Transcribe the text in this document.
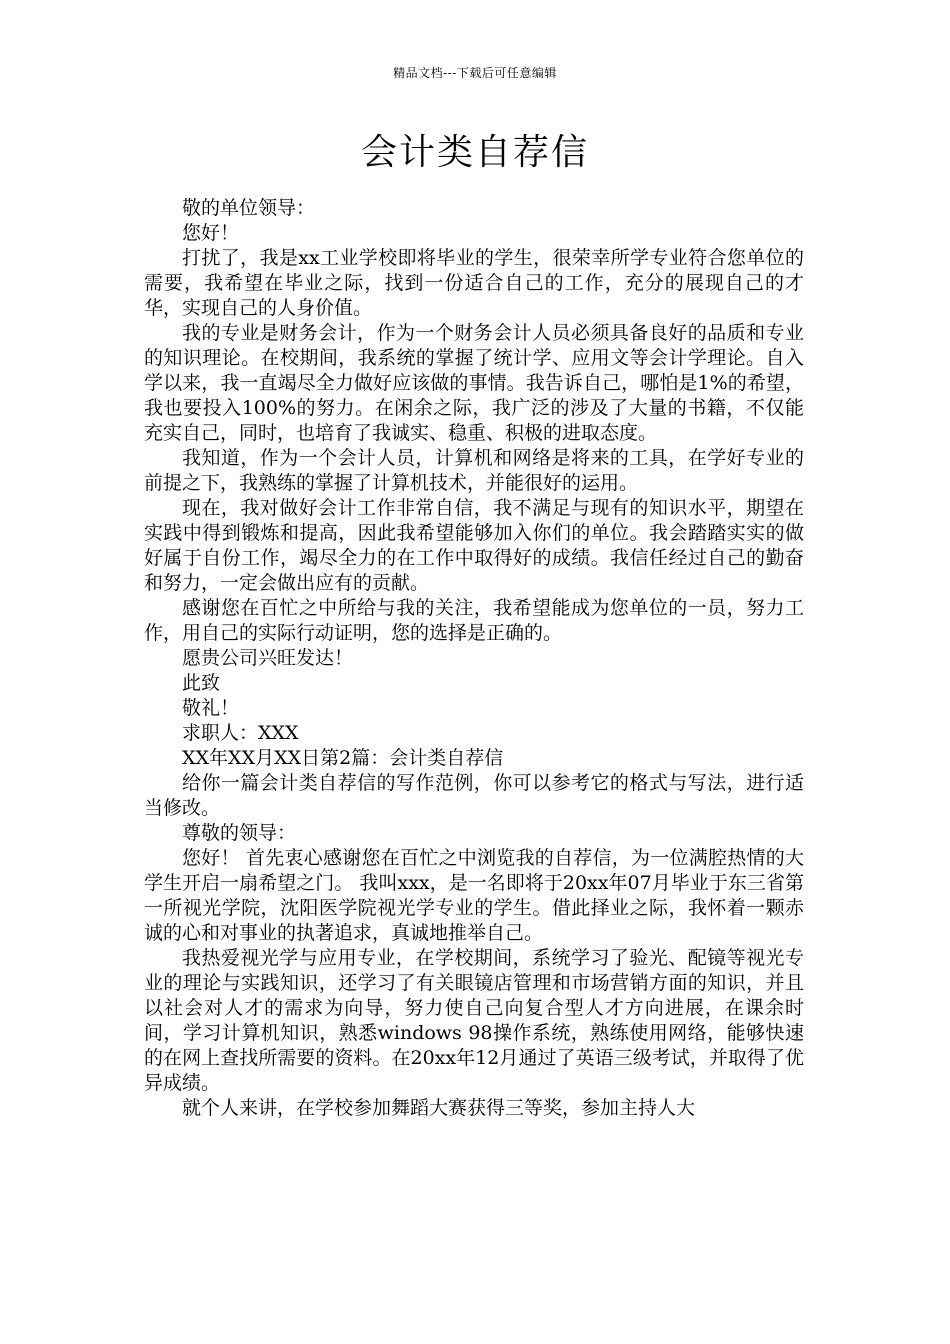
精品文档---下载后可任意编辑
会计类自荐信

敬的单位领导：

您好！

打扰了，我是xx工业学校即将毕业的学生，很荣幸所学专业符合您单位的需要，我希望在毕业之际，找到一份适合自己的工作，充分的展现自己的才华，实现自己的人身价值。

我的专业是财务会计，作为一个财务会计人员必须具备良好的品质和专业的知识理论。在校期间，我系统的掌握了统计学、应用文等会计学理论。自入学以来，我一直竭尽全力做好应该做的事情。我告诉自己，哪怕是1%的希望，我也要投入100%的努力。在闲余之际，我广泛的涉及了大量的书籍，不仅能充实自己，同时，也培育了我诚实、稳重、积极的进取态度。

我知道，作为一个会计人员，计算机和网络是将来的工具，在学好专业的前提之下，我熟练的掌握了计算机技术，并能很好的运用。

现在，我对做好会计工作非常自信，我不满足与现有的知识水平，期望在实践中得到锻炼和提高，因此我希望能够加入你们的单位。我会踏踏实实的做好属于自份工作，竭尽全力的在工作中取得好的成绩。我信任经过自己的勤奋和努力，一定会做出应有的贡献。

感谢您在百忙之中所给与我的关注，我希望能成为您单位的一员，努力工作，用自己的实际行动证明，您的选择是正确的。

愿贵公司兴旺发达！

此致

敬礼！

求职人：XXX

XX年XX月XX日第2篇：会计类自荐信

给你一篇会计类自荐信的写作范例，你可以参考它的格式与写法，进行适当修改。

尊敬的领导：

您好！ 首先衷心感谢您在百忙之中浏览我的自荐信，为一位满腔热情的大学生开启一扇希望之门。 我叫xxx，是一名即将于20xx年07月毕业于东三省第一所视光学院，沈阳医学院视光学专业的学生。借此择业之际，我怀着一颗赤诚的心和对事业的执著追求，真诚地推举自己。

我热爱视光学与应用专业，在学校期间，系统学习了验光、配镜等视光专业的理论与实践知识，还学习了有关眼镜店管理和市场营销方面的知识，并且以社会对人才的需求为向导，努力使自己向复合型人才方向进展，在课余时间，学习计算机知识，熟悉windows 98操作系统，熟练使用网络，能够快速的在网上查找所需要的资料。在20xx年12月通过了英语三级考试，并取得了优异成绩。

就个人来讲，在学校参加舞蹈大赛获得三等奖，参加主持人大
